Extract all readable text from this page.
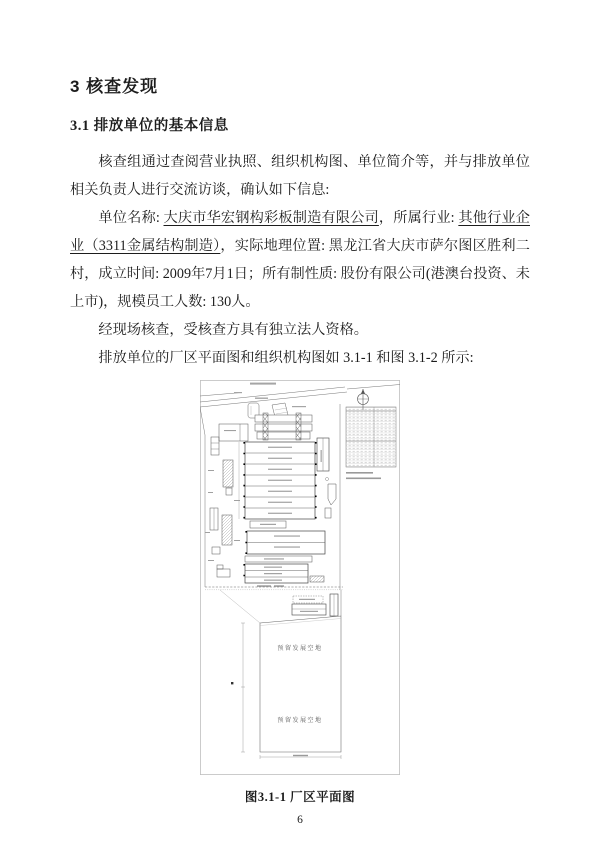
3 核查发现
3.1 排放单位的基本信息

核查组通过查阅营业执照、组织机构图、单位简介等，并与排放单位相关负责人进行交流访谈，确认如下信息:

单位名称: 大庆市华宏钢构彩板制造有限公司，所属行业: 其他行业企业（3311金属结构制造），实际地理位置: 黑龙江省大庆市萨尔图区胜利二村，成立时间: 2009年7月1日；所有制性质: 股份有限公司(港澳台投资、未上市)，规模员工人数: 130人。

经现场核查，受核查方具有独立法人资格。

排放单位的厂区平面图和组织机构图如 3.1-1 和图 3.1-2 所示:

预留发展空地
预留发展空地
图3.1-1 厂区平面图
6
